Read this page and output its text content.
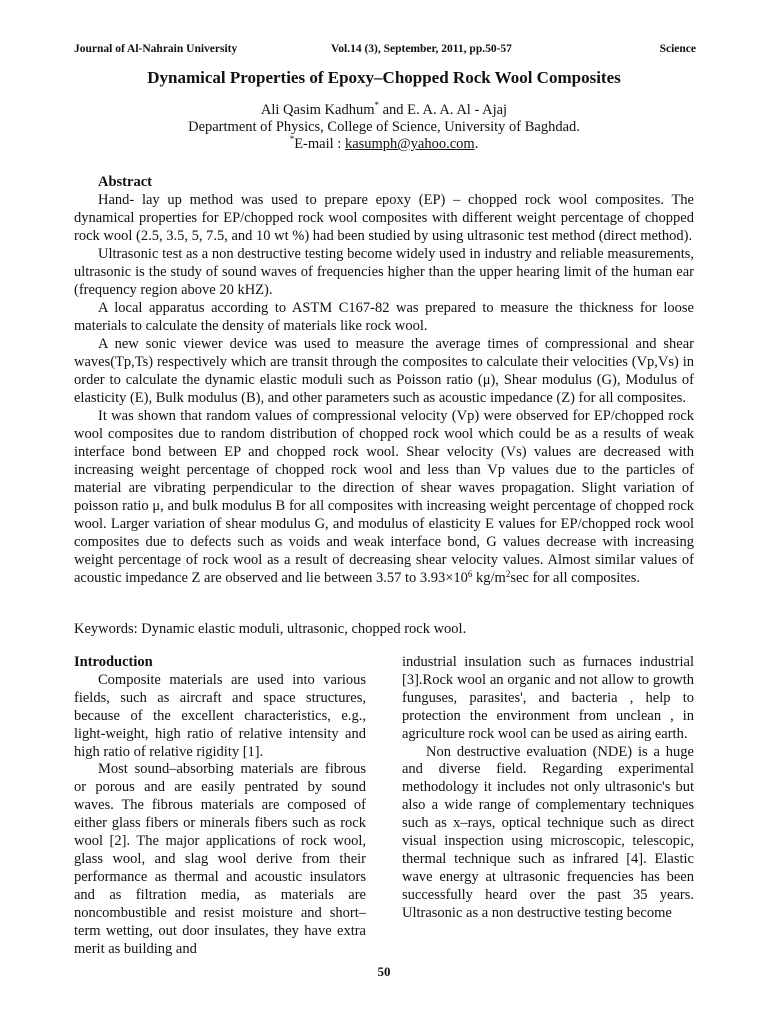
Journal of Al-Nahrain University	Vol.14 (3), September, 2011, pp.50-57	Science
Dynamical Properties of Epoxy–Chopped Rock Wool Composites
Ali Qasim Kadhum* and E. A. A. Al - Ajaj
Department of Physics, College of Science, University of Baghdad.
*E-mail : kasumph@yahoo.com.

Abstract

Hand- lay up method was used to prepare epoxy (EP) – chopped rock wool composites. The dynamical properties for EP/chopped rock wool composites with different weight percentage of chopped rock wool (2.5, 3.5, 5, 7.5, and 10 wt %) had been studied by using ultrasonic test method (direct method).

Ultrasonic test as a non destructive testing become widely used in industry and reliable measurements, ultrasonic is the study of sound waves of frequencies higher than the upper hearing limit of the human ear (frequency region above 20 kHZ).

A local apparatus according to ASTM C167-82 was prepared to measure the thickness for loose materials to calculate the density of materials like rock wool.

A new sonic viewer device was used to measure the average times of compressional and shear waves(Tp,Ts) respectively which are transit through the composites to calculate their velocities (Vp,Vs) in order to calculate the dynamic elastic moduli such as Poisson ratio (μ), Shear modulus (G), Modulus of elasticity (E), Bulk modulus (B), and other parameters such as acoustic impedance (Z) for all composites.

It was shown that random values of compressional velocity (Vp) were observed for EP/chopped rock wool composites due to random distribution of chopped rock wool which could be as a results of weak interface bond between EP and chopped rock wool. Shear velocity (Vs) values are decreased with increasing weight percentage of chopped rock wool and less than Vp values due to the particles of material are vibrating perpendicular to the direction of shear waves propagation. Slight variation of poisson ratio μ, and bulk modulus B for all composites with increasing weight percentage of chopped rock wool. Larger variation of shear modulus G, and modulus of elasticity E values for EP/chopped rock wool composites due to defects such as voids and weak interface bond, G values decrease with increasing weight percentage of rock wool as a result of decreasing shear velocity values. Almost similar values of acoustic impedance Z are observed and lie between 3.57 to $3.93\times 10^6$ $kg/m^2\sec$ for all composites.

Keywords: Dynamic elastic moduli, ultrasonic, chopped rock wool.

Introduction

Composite materials are used into various fields, such as aircraft and space structures, because of the excellent characteristics, e.g., light-weight, high ratio of relative intensity and high ratio of relative rigidity [1].

Most sound–absorbing materials are fibrous or porous and are easily pentrated by sound waves. The fibrous materials are composed of either glass fibers or minerals fibers such as rock wool [2]. The major applications of rock wool, glass wool, and slag wool derive from their performance as thermal and acoustic insulators and as filtration media, as materials are noncombustible and resist moisture and short–term wetting, out door insulates, they have extra merit as building and

industrial insulation such as furnaces industrial [3].Rock wool an organic and not allow to growth funguses, parasites', and bacteria , help to protection the environment from unclean , in agriculture rock wool can be used as airing earth.

Non destructive evaluation (NDE) is a huge and diverse field. Regarding experimental methodology it includes not only ultrasonic's but also a wide range of complementary techniques such as x–rays, optical technique such as direct visual inspection using microscopic, telescopic, thermal technique such as infrared [4]. Elastic wave energy at ultrasonic frequencies has been successfully heard over the past 35 years. Ultrasonic as a non destructive testing become

50
